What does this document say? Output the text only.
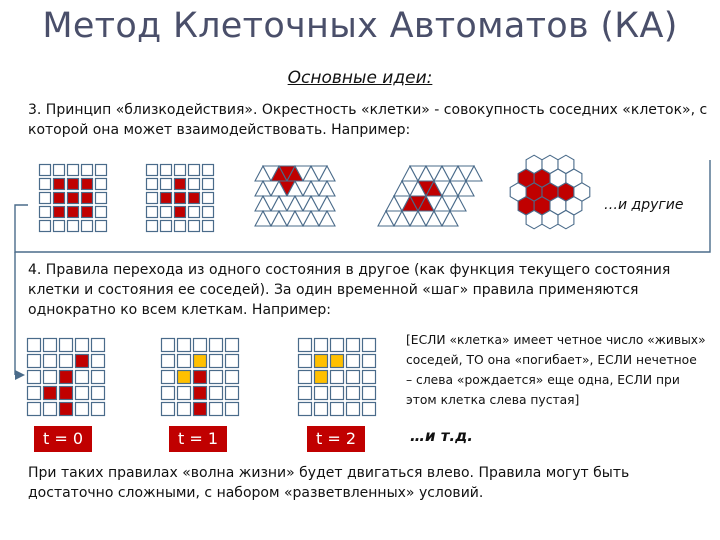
Метод Клеточных Автоматов (КА)
Основные идеи:
3. Принцип «близкодействия». Окрестность «клетки» - совокупность соседних «клеток», с которой она может взаимодействовать. Например:
…и другие
4. Правила перехода из одного состояния в другое (как функция текущего состояния клетки и состояния ее соседей). За один временной «шаг» правила применяются однократно ко всем клеткам. Например:
[ЕСЛИ «клетка» имеет четное число «живых» соседей, ТО она «погибает», ЕСЛИ нечетное – слева «рождается» еще одна, ЕСЛИ при этом клетка слева пустая]
…и т.д.
При таких правилах «волна жизни» будет двигаться влево. Правила могут быть достаточно сложными, с набором «разветвленных» условий.
t = 0	t = 1	t = 2
